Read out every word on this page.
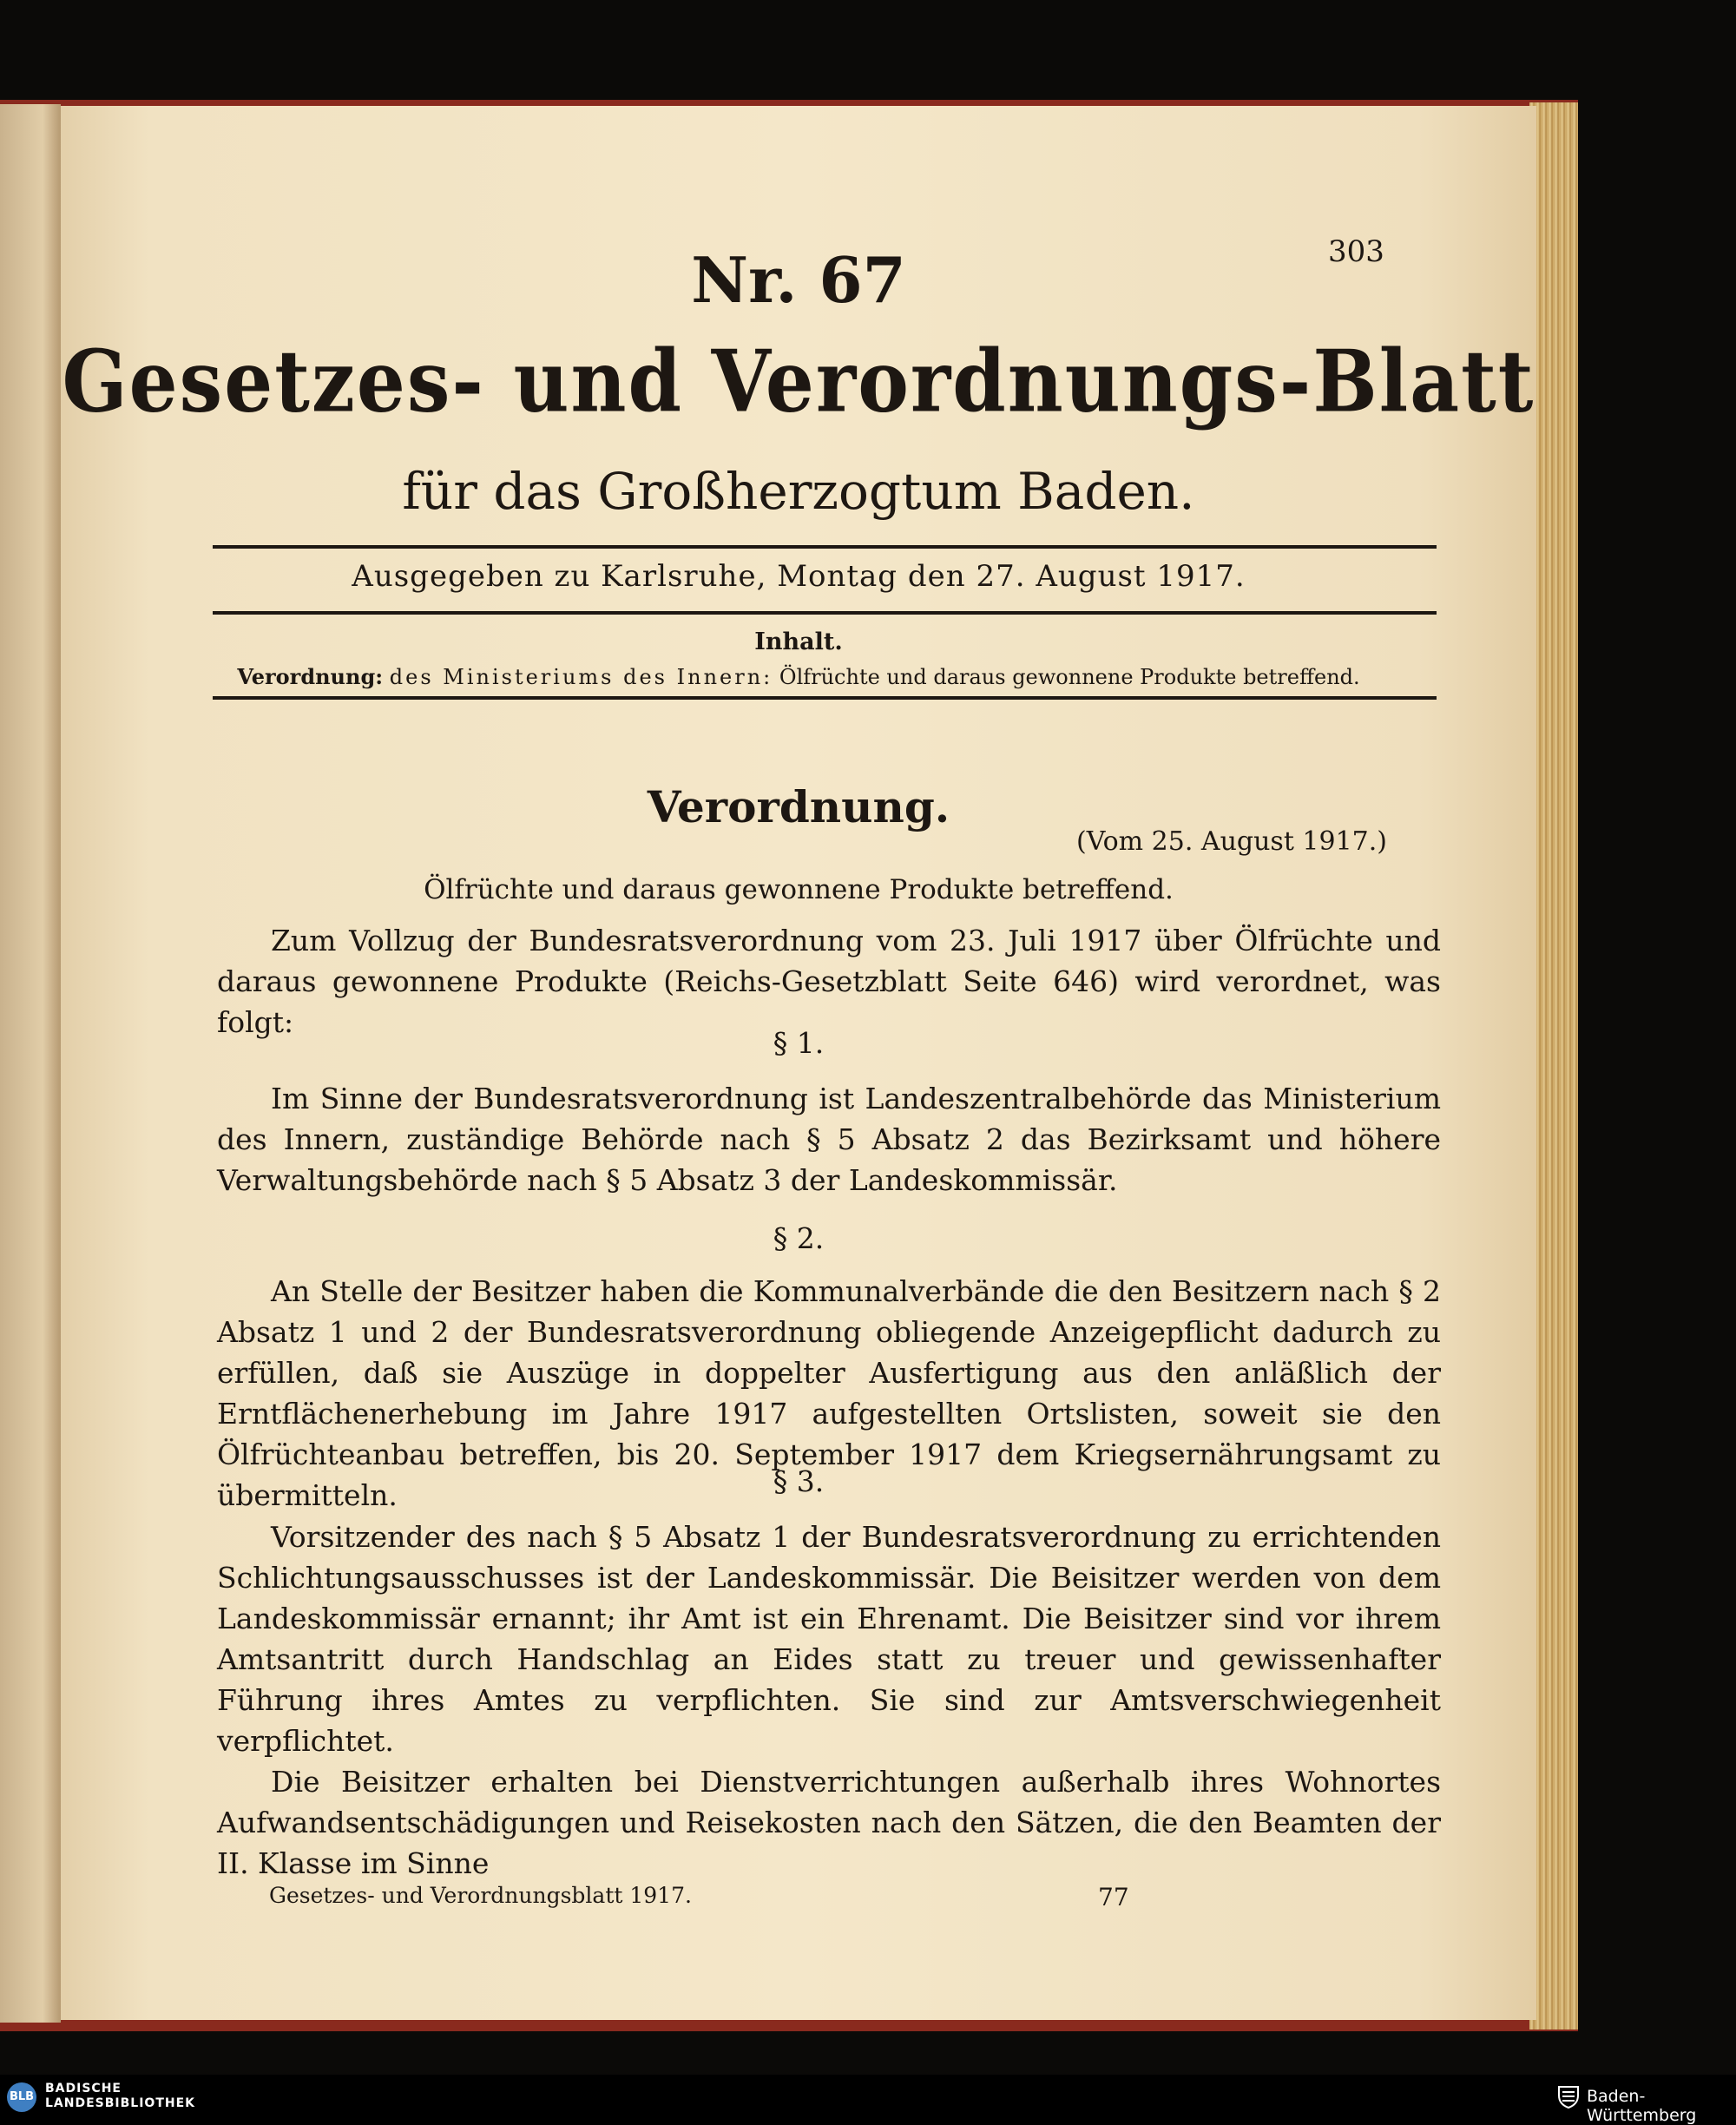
303
Nr. 67
Gesetzes- und Verordnungs-Blatt
für das Großherzogtum Baden.
Ausgegeben zu Karlsruhe, Montag den 27. August 1917.
Inhalt.
Verordnung: des Ministeriums des Innern: Ölfrüchte und daraus gewonnene Produkte betreffend.
Verordnung.
(Vom 25. August 1917.)
Ölfrüchte und daraus gewonnene Produkte betreffend.

Zum Vollzug der Bundesratsverordnung vom 23. Juli 1917 über Ölfrüchte und daraus gewonnene Produkte (Reichs-Gesetzblatt Seite 646) wird verordnet, was folgt:

§ 1.

Im Sinne der Bundesratsverordnung ist Landeszentralbehörde das Ministerium des Innern, zuständige Behörde nach § 5 Absatz 2 das Bezirksamt und höhere Verwaltungsbehörde nach § 5 Absatz 3 der Landeskommissär.

§ 2.

An Stelle der Besitzer haben die Kommunalverbände die den Besitzern nach § 2 Absatz 1 und 2 der Bundesratsverordnung obliegende Anzeigepflicht dadurch zu erfüllen, daß sie Auszüge in doppelter Ausfertigung aus den anläßlich der Erntflächenerhebung im Jahre 1917 aufgestellten Ortslisten, soweit sie den Ölfrüchteanbau betreffen, bis 20. September 1917 dem Kriegsernährungsamt zu übermitteln.	§ 3.

Vorsitzender des nach § 5 Absatz 1 der Bundesratsverordnung zu errichtenden Schlichtungsausschusses ist der Landeskommissär. Die Beisitzer werden von dem Landeskommissär ernannt; ihr Amt ist ein Ehrenamt. Die Beisitzer sind vor ihrem Amtsantritt durch Handschlag an Eides statt zu treuer und gewissenhafter Führung ihres Amtes zu verpflichten. Sie sind zur Amtsverschwiegenheit verpflichtet.

Die Beisitzer erhalten bei Dienstverrichtungen außerhalb ihres Wohnortes Aufwandsentschädigungen und Reisekosten nach den Sätzen, die den Beamten der II. Klasse im Sinne

Gesetzes- und Verordnungsblatt 1917.	77
BLB
BADISCHE
LANDESBIBLIOTHEK	Baden-Württemberg
